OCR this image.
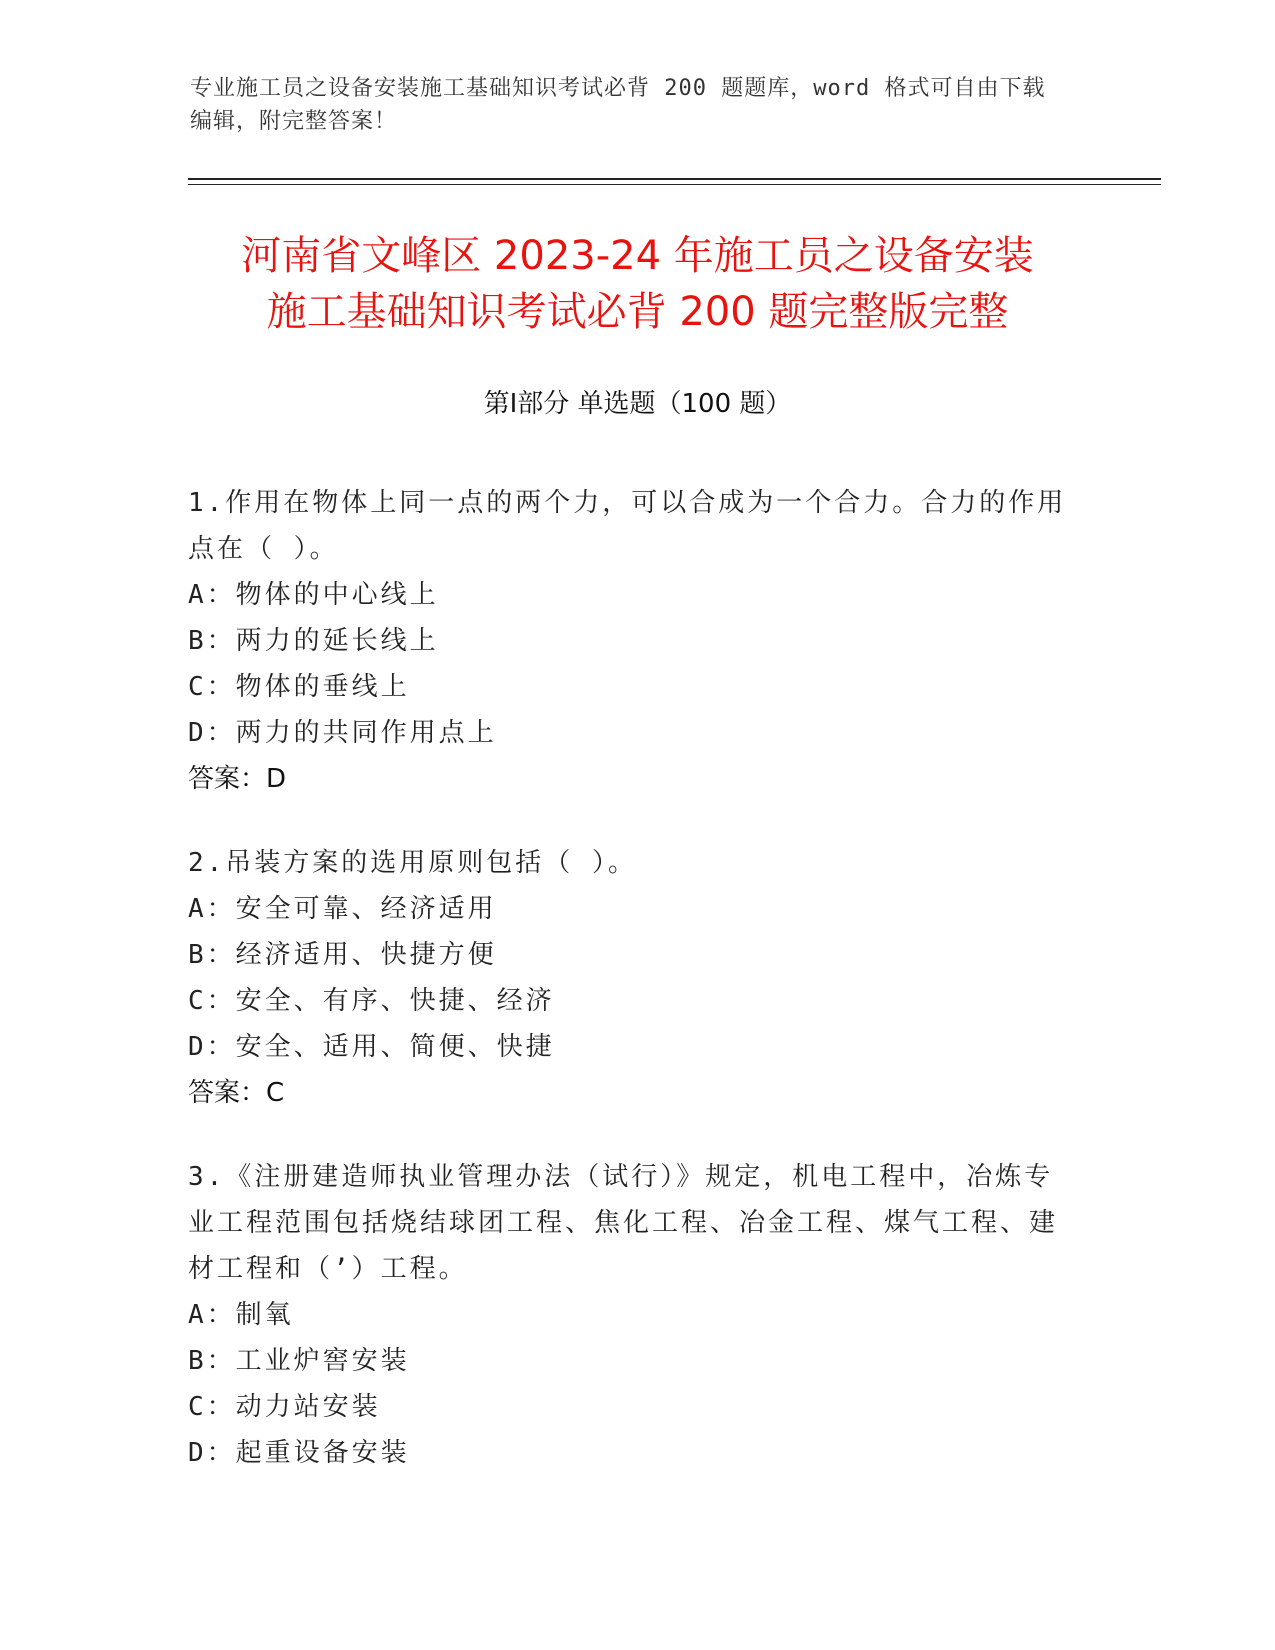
专业施工员之设备安装施工基础知识考试必背 200 题题库，word 格式可自由下载
编辑，附完整答案！
河南省文峰区 2023-24 年施工员之设备安装
施工基础知识考试必背 200 题完整版完整
第Ⅰ部分 单选题（100 题）
1.作用在物体上同一点的两个力，可以合成为一个合力。合力的作用点在（ ）。
A：物体的中心线上
B：两力的延长线上
C：物体的垂线上
D：两力的共同作用点上
答案：D
2.吊装方案的选用原则包括（ ）。
A：安全可靠、经济适用
B：经济适用、快捷方便
C：安全、有序、快捷、经济
D：安全、适用、简便、快捷
答案：C
3.《注册建造师执业管理办法（试行）》规定，机电工程中，冶炼专业工程范围包括烧结球团工程、焦化工程、冶金工程、煤气工程、建材工程和（’）工程。
A：制氧
B：工业炉窖安装
C：动力站安装
D：起重设备安装
